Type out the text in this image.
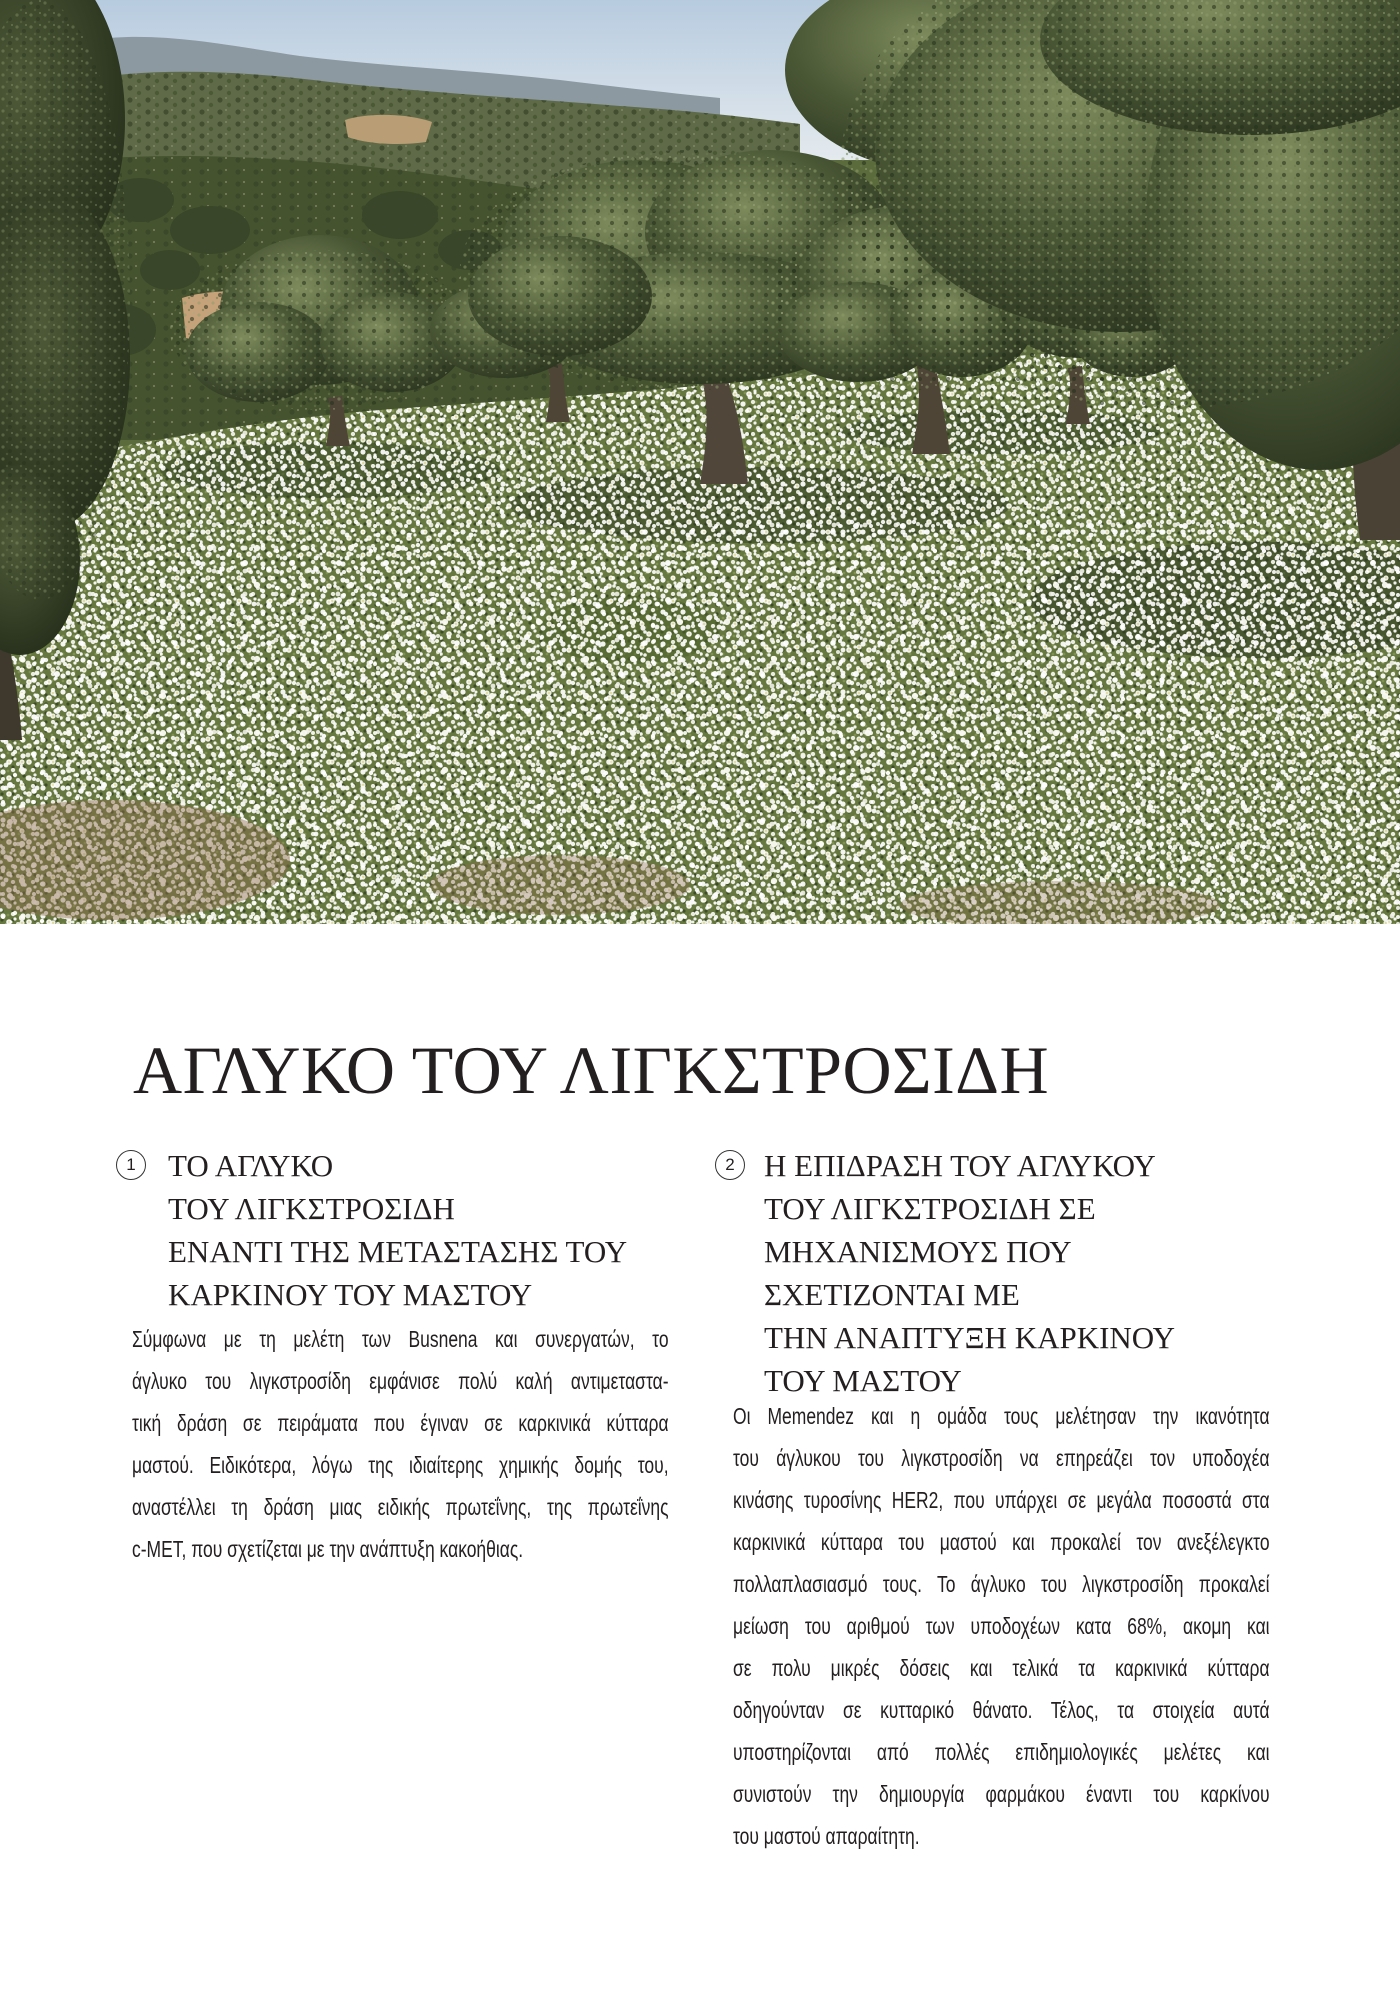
ΑΓΛΥΚΟ ΤΟΥ ΛΙΓΚΣΤΡΟΣΙΔΗ
1	ΤΟ ΑΓΛΥΚΟ
ΤΟΥ ΛΙΓΚΣΤΡΟΣΙΔΗ
ΕΝΑΝΤΙ ΤΗΣ ΜΕΤΑΣΤΑΣΗΣ ΤΟΥ
ΚΑΡΚΙΝΟΥ ΤΟΥ ΜΑΣΤΟΥ
Σύμφωνα με τη μελέτη των Busnena και συνεργατών, το
άγλυκο του λιγκστροσίδη εμφάνισε πολύ καλή αντιμεταστα-
τική δράση σε πειράματα που έγιναν σε καρκινικά κύτταρα
μαστού. Ειδικότερα, λόγω της ιδιαίτερης χημικής δομής του,
αναστέλλει τη δράση μιας ειδικής πρωτεΐνης, της πρωτεΐνης
c-MET, που σχετίζεται με την ανάπτυξη κακοήθιας.
2 Η ΕΠΙΔΡΑΣΗ ΤΟΥ ΑΓΛΥΚΟΥ
ΤΟΥ ΛΙΓΚΣΤΡΟΣΙΔΗ ΣΕ
ΜΗΧΑΝΙΣΜΟΥΣ ΠΟΥ
ΣΧΕΤΙΖΟΝΤΑΙ ΜΕ
ΤΗΝ ΑΝΑΠΤΥΞΗ ΚΑΡΚΙΝΟΥ
ΤΟΥ ΜΑΣΤΟΥ
Οι Memendez και η ομάδα τους μελέτησαν την ικανότητα
του άγλυκου του λιγκστροσίδη να επηρεάζει τον υποδοχέα
κινάσης τυροσίνης HER2, που υπάρχει σε μεγάλα ποσοστά στα
καρκινικά κύτταρα του μαστού και προκαλεί τον ανεξέλεγκτο
πολλαπλασιασμό τους. Το άγλυκο του λιγκστροσίδη προκαλεί
μείωση του αριθμού των υποδοχέων κατα 68%, ακομη και
σε πολυ μικρές δόσεις και τελικά τα καρκινικά κύτταρα
οδηγούνταν σε κυτταρικό θάνατο. Τέλος, τα στοιχεία αυτά
υποστηρίζονται από πολλές επιδημιολογικές μελέτες και
συνιστούν την δημιουργία φαρμάκου έναντι του καρκίνου
του μαστού απαραίτητη.
